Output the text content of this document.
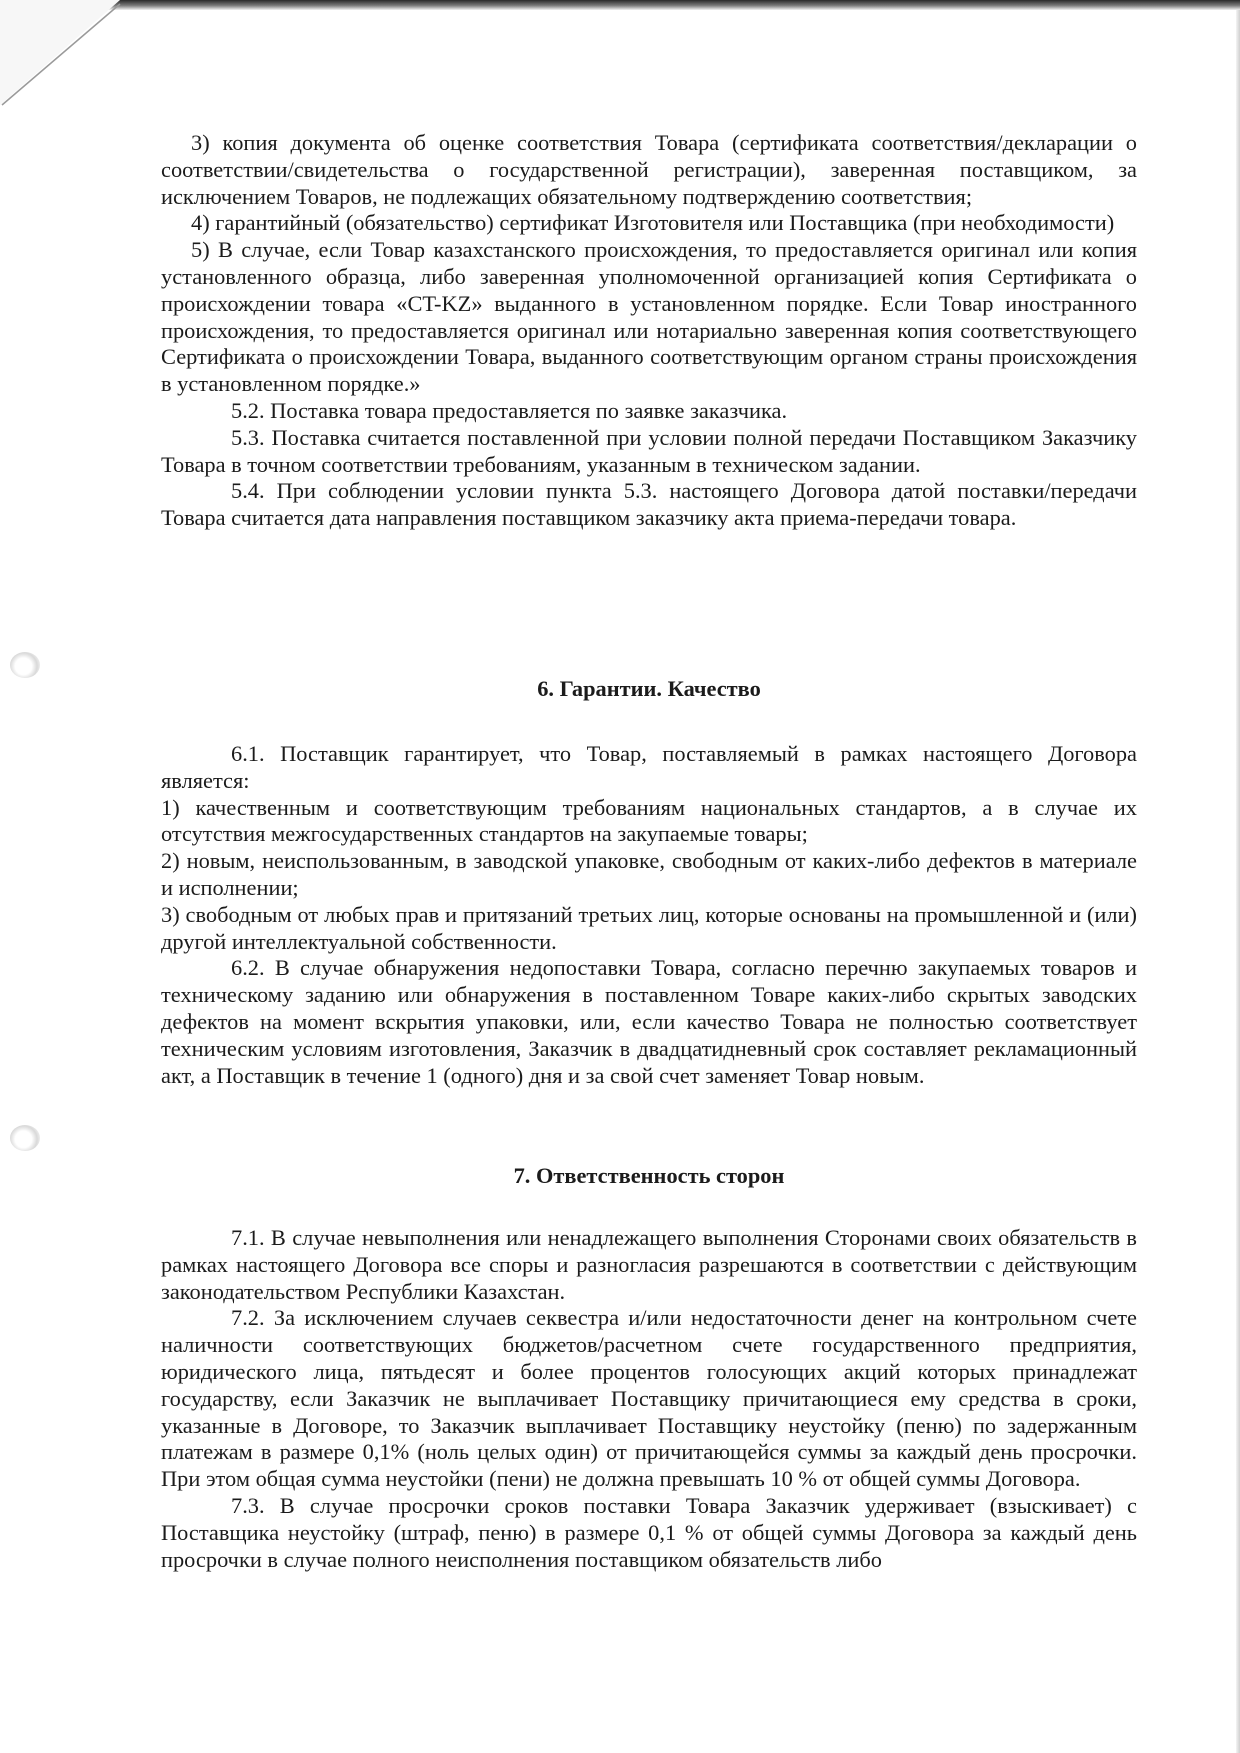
3) копия документа об оценке соответствия Товара (сертификата соответствия/декларации о соответствии/свидетельства о государственной регистрации), заверенная поставщиком, за исключением Товаров, не подлежащих обязательному подтверждению соответствия;

4) гарантийный (обязательство) сертификат Изготовителя или Поставщика (при необходимости)

5) В случае, если Товар казахстанского происхождения, то предоставляется оригинал или копия установленного образца, либо заверенная уполномоченной организацией копия Сертификата о происхождении товара «CT-KZ» выданного в установленном порядке. Если Товар иностранного происхождения, то предоставляется оригинал или нотариально заверенная копия соответствующего Сертификата о происхождении Товара, выданного соответствующим органом страны происхождения в установленном порядке.»

5.2. Поставка товара предоставляется по заявке заказчика.

5.3. Поставка считается поставленной при условии полной передачи Поставщиком Заказчику Товара в точном соответствии требованиям, указанным в техническом задании.

5.4. При соблюдении условии пункта 5.3. настоящего Договора датой поставки/передачи Товара считается дата направления поставщиком заказчику акта приема-передачи товара.

6. Гарантии. Качество

6.1. Поставщик гарантирует, что Товар, поставляемый в рамках настоящего Договора является:

1) качественным и соответствующим требованиям национальных стандартов, а в случае их отсутствия межгосударственных стандартов на закупаемые товары;

2) новым, неиспользованным, в заводской упаковке, свободным от каких-либо дефектов в материале и исполнении;

3) свободным от любых прав и притязаний третьих лиц, которые основаны на промышленной и (или) другой интеллектуальной собственности.

6.2. В случае обнаружения недопоставки Товара, согласно перечню закупаемых товаров и техническому заданию или обнаружения в поставленном Товаре каких-либо скрытых заводских дефектов на момент вскрытия упаковки, или, если качество Товара не полностью соответствует техническим условиям изготовления, Заказчик в двадцатидневный срок составляет рекламационный акт, а Поставщик в течение 1 (одного) дня и за свой счет заменяет Товар новым.

7. Ответственность сторон

7.1. В случае невыполнения или ненадлежащего выполнения Сторонами своих обязательств в рамках настоящего Договора все споры и разногласия разрешаются в соответствии с действующим законодательством Республики Казахстан.

7.2. За исключением случаев секвестра и/или недостаточности денег на контрольном счете наличности соответствующих бюджетов/расчетном счете государственного предприятия, юридического лица, пятьдесят и более процентов голосующих акций которых принадлежат государству, если Заказчик не выплачивает Поставщику причитающиеся ему средства в сроки, указанные в Договоре, то Заказчик выплачивает Поставщику неустойку (пеню) по задержанным платежам в размере 0,1% (ноль целых один) от причитающейся суммы за каждый день просрочки. При этом общая сумма неустойки (пени) не должна превышать 10 % от общей суммы Договора.

7.3. В случае просрочки сроков поставки Товара Заказчик удерживает (взыскивает) с Поставщика неустойку (штраф, пеню) в размере 0,1 % от общей суммы Договора за каждый день просрочки в случае полного неисполнения поставщиком обязательств либо
